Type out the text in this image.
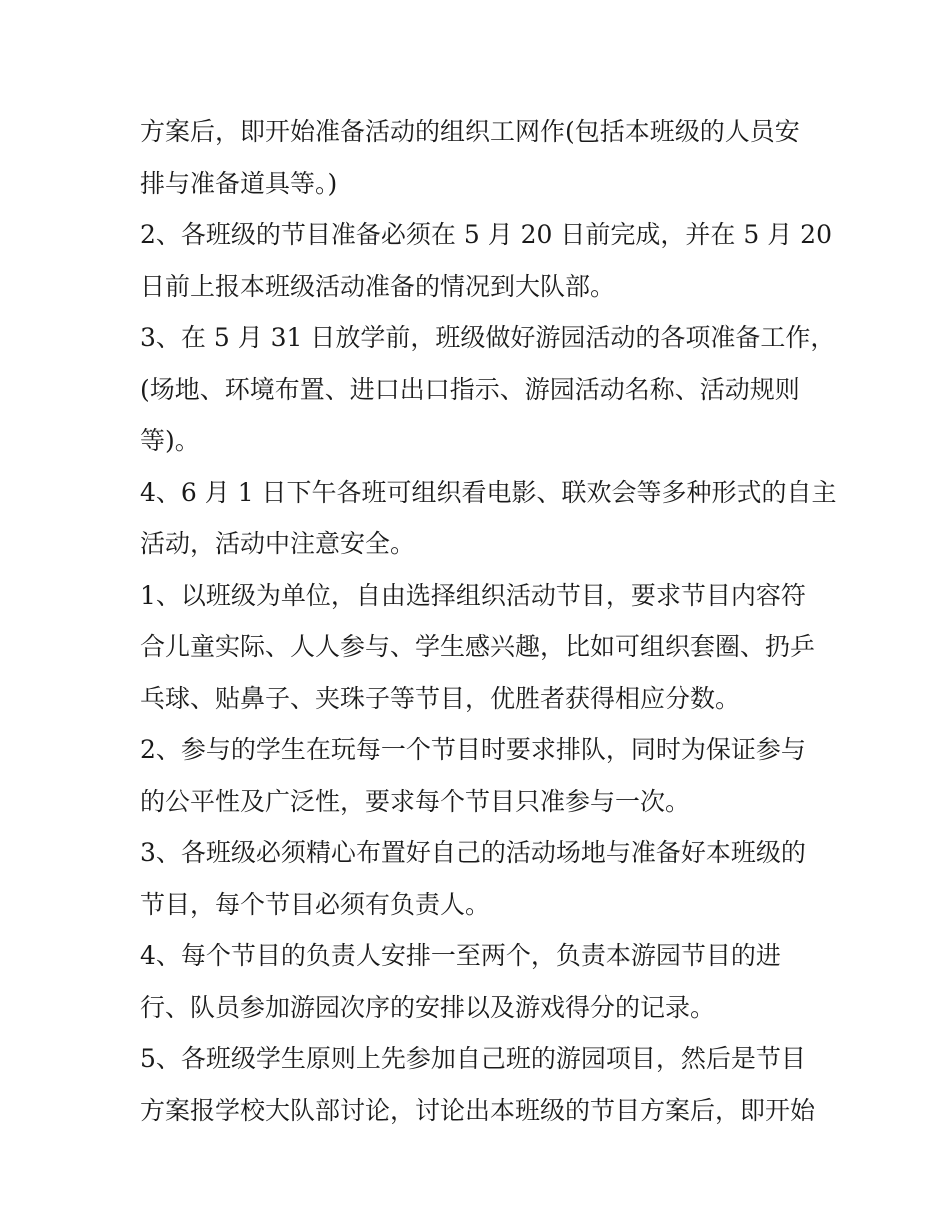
方案后，即开始准备活动的组织工网作(包括本班级的人员安
排与准备道具等。)
2、各班级的节目准备必须在 5 月 20 日前完成，并在 5 月 20
日前上报本班级活动准备的情况到大队部。
3、在 5 月 31 日放学前，班级做好游园活动的各项准备工作，
(场地、环境布置、进口出口指示、游园活动名称、活动规则
等)。
4、6 月 1 日下午各班可组织看电影、联欢会等多种形式的自主
活动，活动中注意安全。
1、以班级为单位，自由选择组织活动节目，要求节目内容符
合儿童实际、人人参与、学生感兴趣，比如可组织套圈、扔乒
乓球、贴鼻子、夹珠子等节目，优胜者获得相应分数。
2、参与的学生在玩每一个节目时要求排队，同时为保证参与
的公平性及广泛性，要求每个节目只准参与一次。
3、各班级必须精心布置好自己的活动场地与准备好本班级的
节目，每个节目必须有负责人。
4、每个节目的负责人安排一至两个，负责本游园节目的进
行、队员参加游园次序的安排以及游戏得分的记录。
5、各班级学生原则上先参加自己班的游园项目，然后是节目
方案报学校大队部讨论，讨论出本班级的节目方案后，即开始
